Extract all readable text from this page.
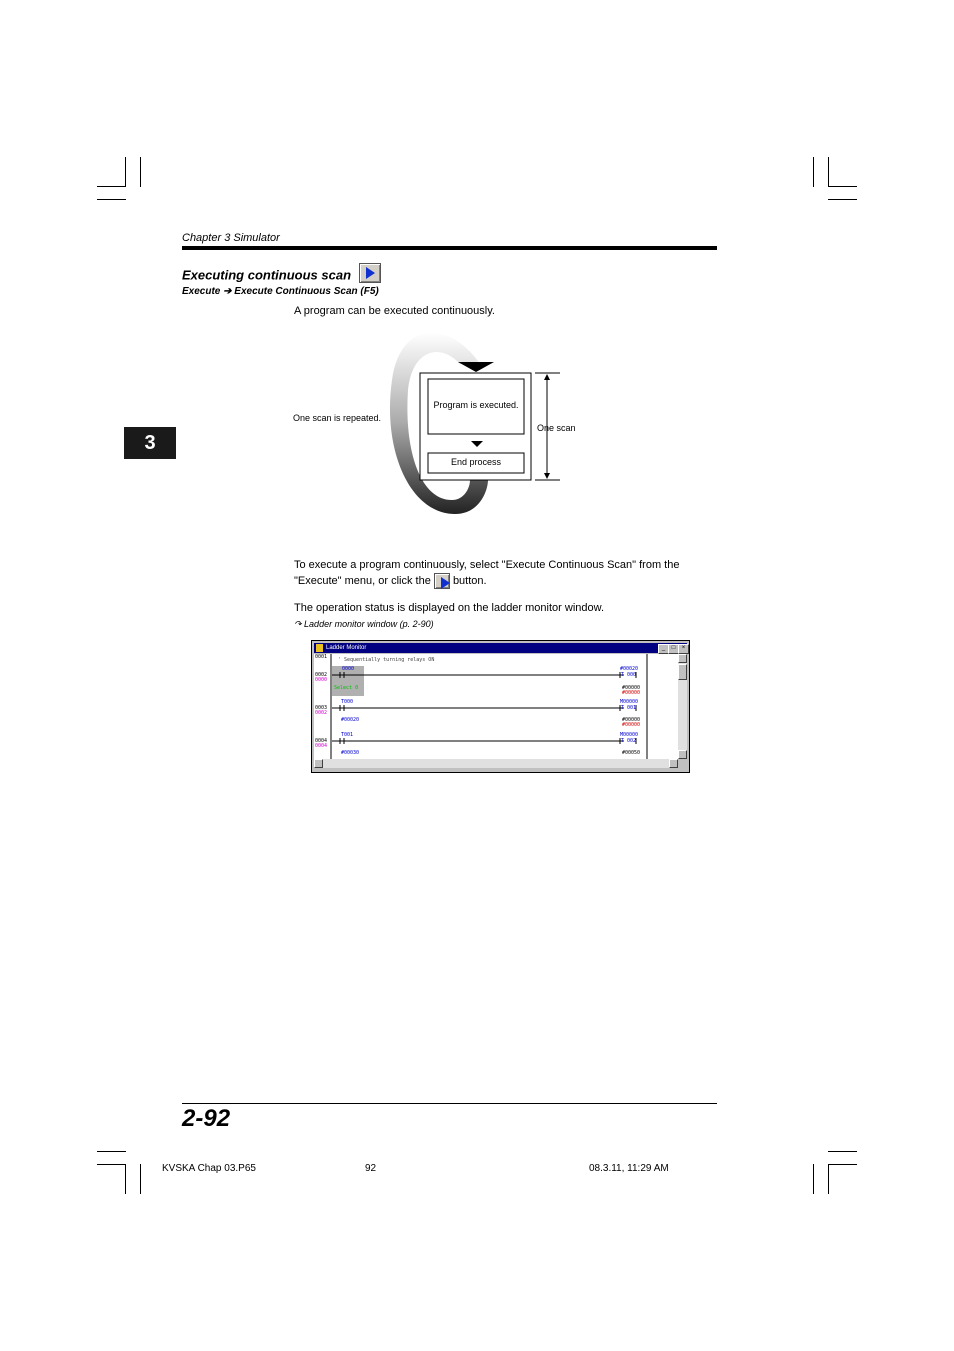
Chapter 3 Simulator
Executing continuous scan
Execute ➔ Execute Continuous Scan (F5)
A program can be executed continuously.
3
Program is executed.
End process
One scan is repeated.
One scan
To execute a program continuously, select "Execute Continuous Scan" from the
"Execute" menu, or click the button.
The operation status is displayed on the ladder monitor window.
↷ Ladder monitor window (p. 2-90)
Ladder Monitor	_	□	×
0001
0002
0000
0003
0002
0004
0004
' Sequentially turning relays ON
0000
Select 0
T000
#00020
T001
#00030
#00020
T 000
#00000
#00000
M00000
T 001
#00000
#00000
M00000
T 002
#00050
2-92
KVSKA Chap 03.P65	92	08.3.11, 11:29 AM
